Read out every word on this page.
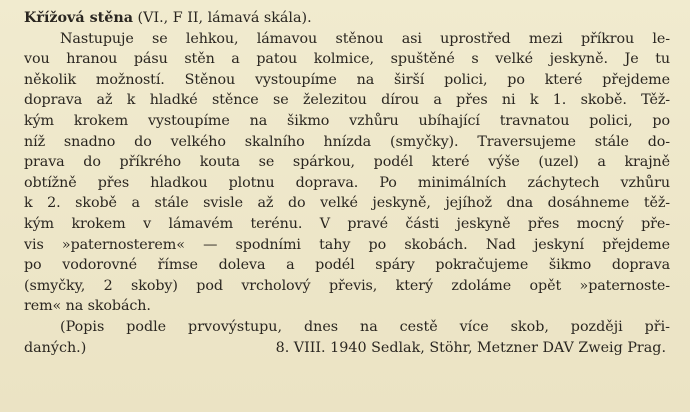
Křížová stěna (VI., F II, lámavá skála).

Nastupuje se lehkou, lámavou stěnou asi uprostřed mezi příkrou le-
vou hranou pásu stěn a patou kolmice, spuštěné s velké jeskyně. Je tu
několik možností. Stěnou vystoupíme na širší polici, po které přejdeme
doprava až k hladké stěnce se železitou dírou a přes ni k 1. skobě. Těž-
kým krokem vystoupíme na šikmo vzhůru ubíhající travnatou polici, po
níž snadno do velkého skalního hnízda (smyčky). Traversujeme stále do-
prava do příkrého kouta se spárkou, podél které výše (uzel) a krajně
obtížně přes hladkou plotnu doprava. Po minimálních záchytech vzhůru
k 2. skobě a stále svisle až do velké jeskyně, jejíhož dna dosáhneme těž-
kým krokem v lámavém terénu. V pravé části jeskyně přes mocný pře-
vis »paternosterem« — spodními tahy po skobách. Nad jeskyní přejdeme
po vodorovné římse doleva a podél spáry pokračujeme šikmo doprava
(smyčky, 2 skoby) pod vrcholový převis, který zdoláme opět »paternoste-
rem« na skobách.
(Popis podle prvovýstupu, dnes na cestě více skob, později při-
daných.)	8. VIII. 1940 Sedlak, Stöhr, Metzner DAV Zweig Prag.
